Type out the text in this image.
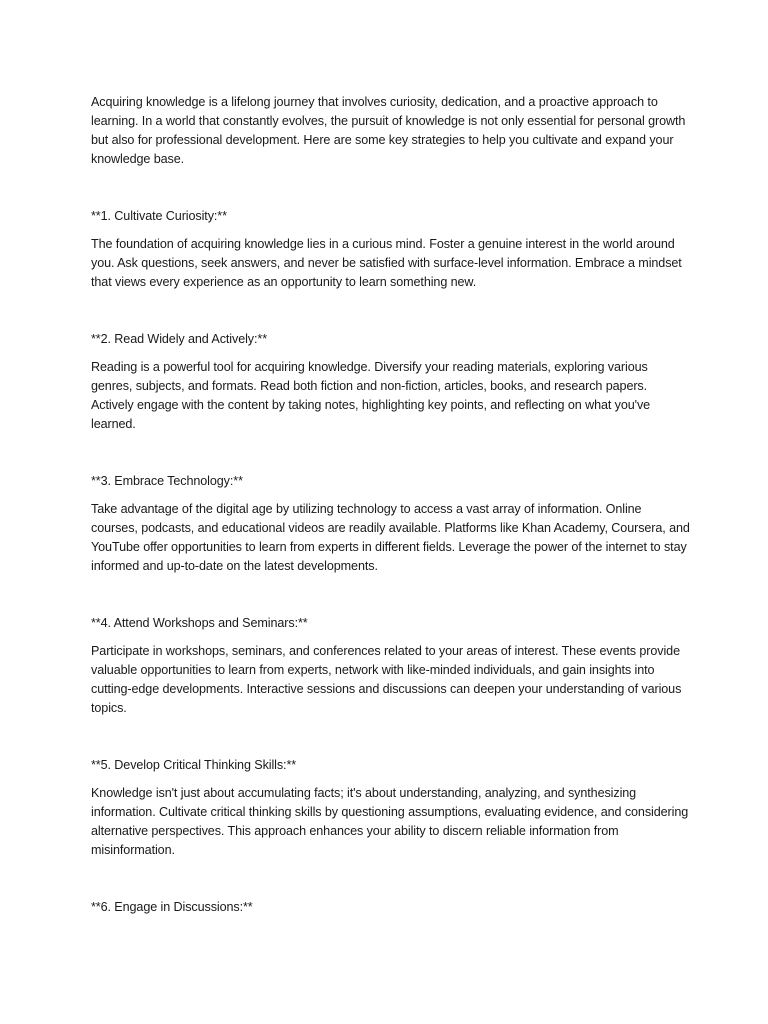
Acquiring knowledge is a lifelong journey that involves curiosity, dedication, and a proactive approach to learning. In a world that constantly evolves, the pursuit of knowledge is not only essential for personal growth but also for professional development. Here are some key strategies to help you cultivate and expand your knowledge base.

**1. Cultivate Curiosity:**

The foundation of acquiring knowledge lies in a curious mind. Foster a genuine interest in the world around you. Ask questions, seek answers, and never be satisfied with surface-level information. Embrace a mindset that views every experience as an opportunity to learn something new.

**2. Read Widely and Actively:**

Reading is a powerful tool for acquiring knowledge. Diversify your reading materials, exploring various genres, subjects, and formats. Read both fiction and non-fiction, articles, books, and research papers. Actively engage with the content by taking notes, highlighting key points, and reflecting on what you've learned.

**3. Embrace Technology:**

Take advantage of the digital age by utilizing technology to access a vast array of information. Online courses, podcasts, and educational videos are readily available. Platforms like Khan Academy, Coursera, and YouTube offer opportunities to learn from experts in different fields. Leverage the power of the internet to stay informed and up-to-date on the latest developments.

**4. Attend Workshops and Seminars:**

Participate in workshops, seminars, and conferences related to your areas of interest. These events provide valuable opportunities to learn from experts, network with like-minded individuals, and gain insights into cutting-edge developments. Interactive sessions and discussions can deepen your understanding of various topics.

**5. Develop Critical Thinking Skills:**

Knowledge isn't just about accumulating facts; it's about understanding, analyzing, and synthesizing information. Cultivate critical thinking skills by questioning assumptions, evaluating evidence, and considering alternative perspectives. This approach enhances your ability to discern reliable information from misinformation.

**6. Engage in Discussions:**
